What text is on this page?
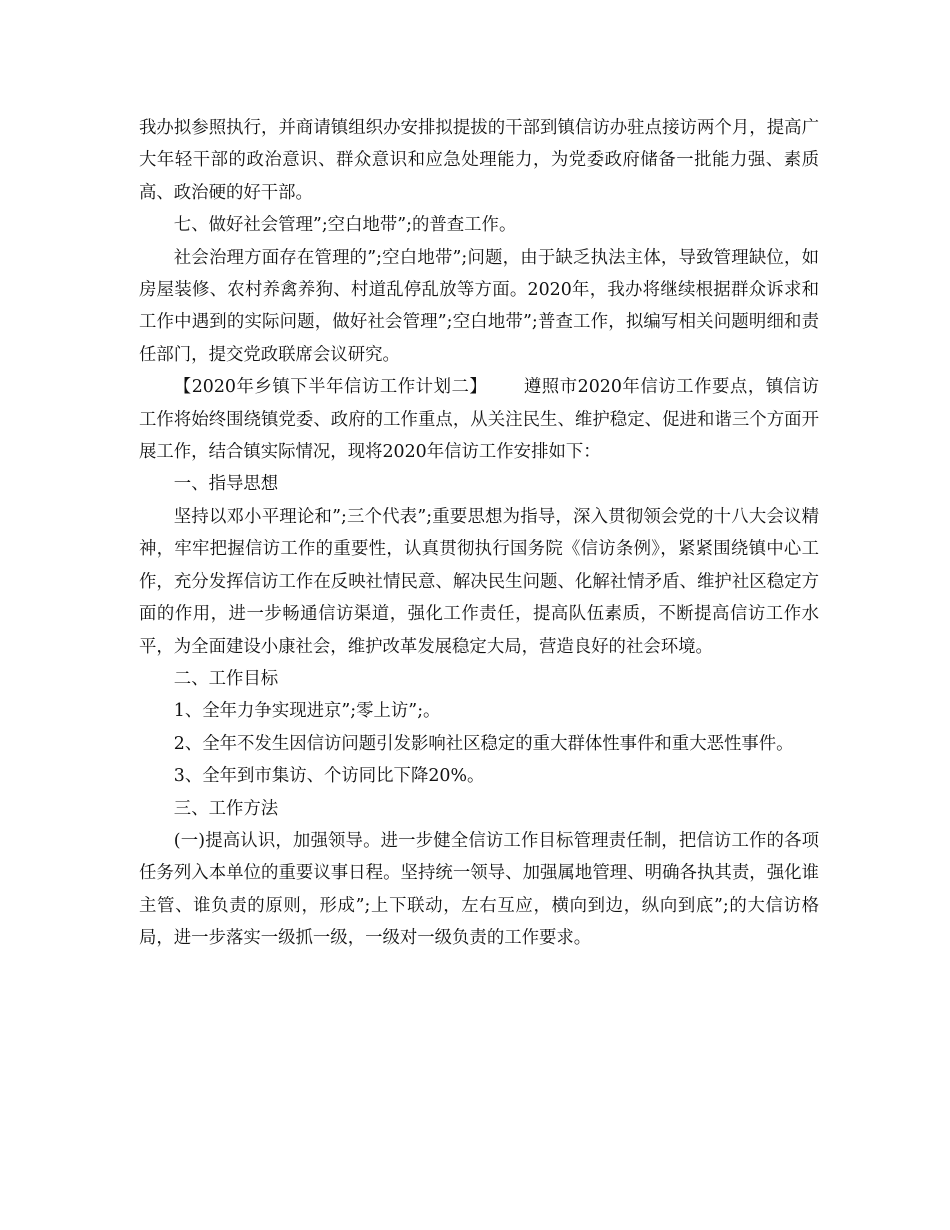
我办拟参照执行，并商请镇组织办安排拟提拔的干部到镇信访办驻点接访两个月，提高广大年轻干部的政治意识、群众意识和应急处理能力，为党委政府储备一批能力强、素质高、政治硬的好干部。

七、做好社会管理”;空白地带”;的普查工作。

社会治理方面存在管理的”;空白地带”;问题，由于缺乏执法主体，导致管理缺位，如房屋装修、农村养禽养狗、村道乱停乱放等方面。2020年，我办将继续根据群众诉求和工作中遇到的实际问题，做好社会管理”;空白地带”;普查工作，拟编写相关问题明细和责任部门，提交党政联席会议研究。

【2020年乡镇下半年信访工作计划二】 遵照市2020年信访工作要点，镇信访工作将始终围绕镇党委、政府的工作重点，从关注民生、维护稳定、促进和谐三个方面开展工作，结合镇实际情况，现将2020年信访工作安排如下：

一、指导思想

坚持以邓小平理论和”;三个代表”;重要思想为指导，深入贯彻领会党的十八大会议精神，牢牢把握信访工作的重要性，认真贯彻执行国务院《信访条例》，紧紧围绕镇中心工作，充分发挥信访工作在反映社情民意、解决民生问题、化解社情矛盾、维护社区稳定方面的作用，进一步畅通信访渠道，强化工作责任，提高队伍素质，不断提高信访工作水平，为全面建设小康社会，维护改革发展稳定大局，营造良好的社会环境。

二、工作目标

1、全年力争实现进京”;零上访”;。

2、全年不发生因信访问题引发影响社区稳定的重大群体性事件和重大恶性事件。

3、全年到市集访、个访同比下降20%。

三、工作方法

(一)提高认识，加强领导。进一步健全信访工作目标管理责任制，把信访工作的各项任务列入本单位的重要议事日程。坚持统一领导、加强属地管理、明确各执其责，强化谁主管、谁负责的原则，形成”;上下联动，左右互应，横向到边，纵向到底”;的大信访格局，进一步落实一级抓一级，一级对一级负责的工作要求。
